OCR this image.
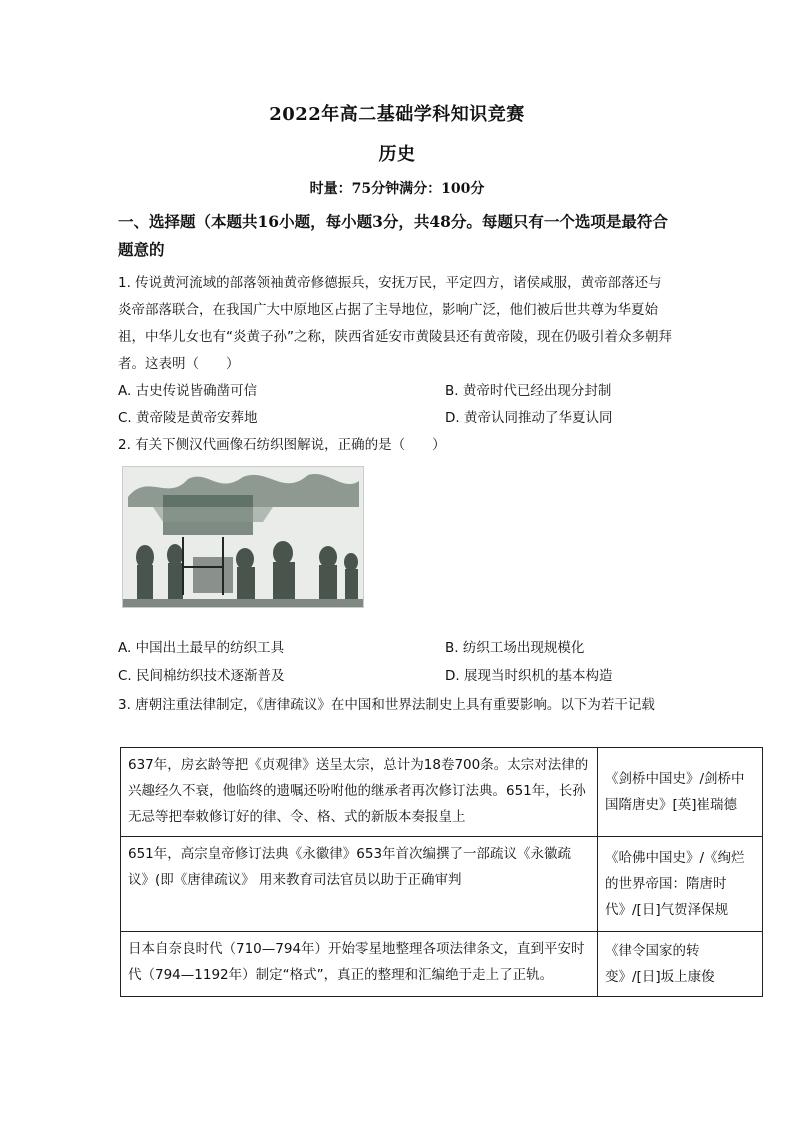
2022年高二基础学科知识竞赛
历史
时量：75分钟满分：100分
一、选择题（本题共16小题，每小题3分，共48分。每题只有一个选项是最符合题意的
1. 传说黄河流域的部落领袖黄帝修德振兵，安抚万民，平定四方，诸侯咸服，黄帝部落还与炎帝部落联合，在我国广大中原地区占据了主导地位，影响广泛，他们被后世共尊为华夏始祖，中华儿女也有“炎黄子孙”之称，陕西省延安市黄陵县还有黄帝陵，现在仍吸引着众多朝拜者。这表明（　　）
A. 古史传说皆确凿可信	B. 黄帝时代已经出现分封制
C. 黄帝陵是黄帝安葬地	D. 黄帝认同推动了华夏认同
2. 有关下侧汉代画像石纺织图解说，正确的是（　　）
A. 中国出土最早的纺织工具	B. 纺织工场出现规模化
C. 民间棉纺织技术逐渐普及	D. 展现当时织机的基本构造
3. 唐朝注重法律制定，《唐律疏议》在中国和世界法制史上具有重要影响。以下为若干记载
637年，房玄龄等把《贞观律》送呈太宗，总计为18卷700条。太宗对法律的兴趣经久不衰，他临终的遗嘱还吩咐他的继承者再次修订法典。651年，长孙无忌等把奉敕修订好的律、令、格、式的新版本奏报皇上	《剑桥中国史》/剑桥中国隋唐史》[英]崔瑞德
651年，高宗皇帝修订法典《永徽律》653年首次编撰了一部疏议《永徽疏议》(即《唐律疏议》 用来教育司法官员以助于正确审判	《哈佛中国史》/《绚烂的世界帝国：隋唐时代》/[日]气贺泽保规
日本自奈良时代（710—794年）开始零星地整理各项法律条文，直到平安时代（794—1192年）制定“格式”，真正的整理和汇编绝于走上了正轨。	《律令国家的转变》/[日]坂上康俊
